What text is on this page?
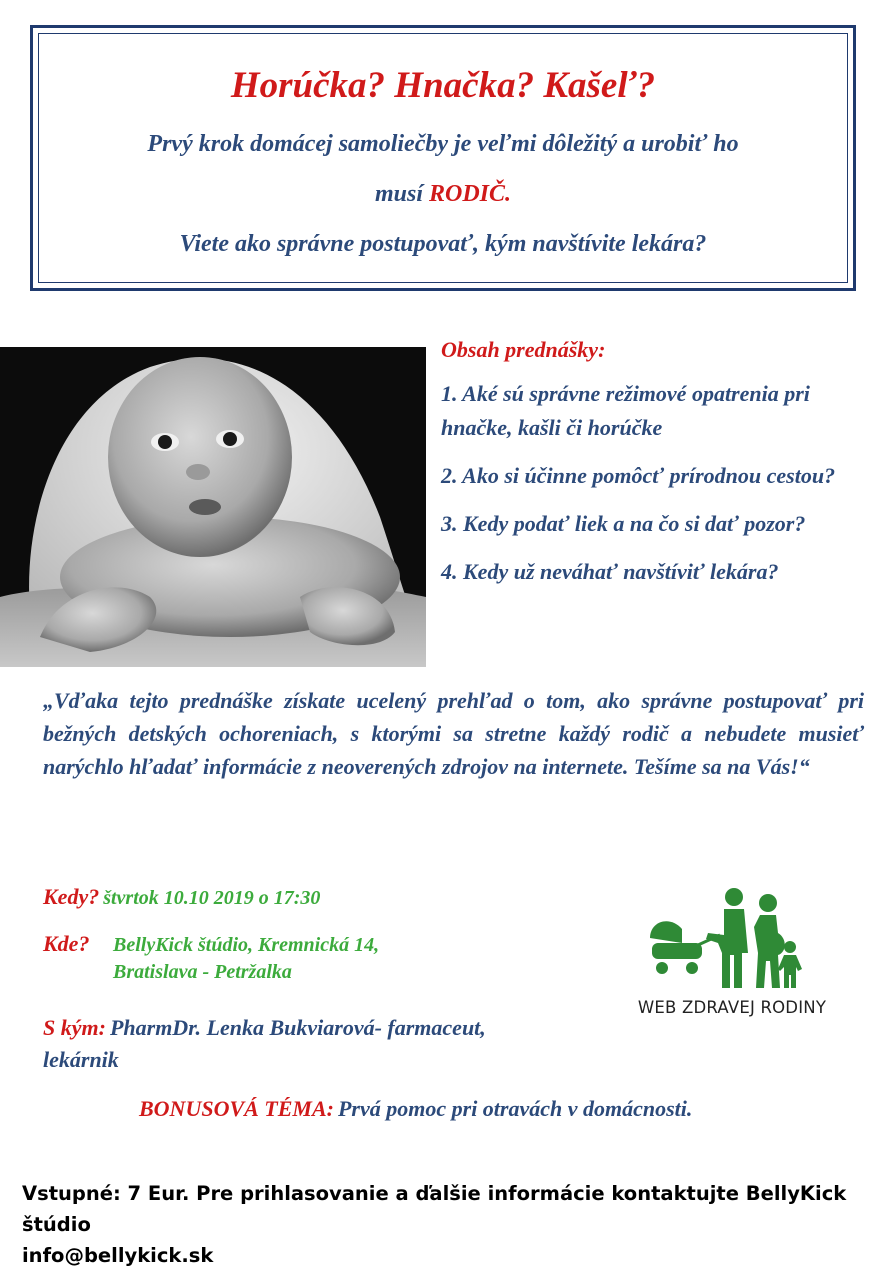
Horúčka? Hnačka? Kašeľ?
Prvý krok domácej samoliečby je veľmi dôležitý a urobiť ho
musí RODIČ.
Viete ako správne postupovať, kým navštívite lekára?
Obsah prednášky:
1. Aké sú správne režimové opatrenia pri hnačke, kašli či horúčke
2. Ako si účinne pomôcť prírodnou cestou?
3. Kedy podať liek a na čo si dať pozor?
4. Kedy už neváhať navštíviť lekára?
„Vďaka tejto prednáške získate ucelený prehľad o tom, ako správne postupovať pri bežných detských ochoreniach, s ktorými sa stretne každý rodič a nebudete musieť narýchlo hľadať informácie z neoverených zdrojov na internete. Tešíme sa na Vás!“
Kedy? štvrtok 10.10 2019 o 17:30
Kde? BellyKick štúdio, Kremnická 14,
Bratislava - Petržalka
S kým: PharmDr. Lenka Bukviarová- farmaceut,
lekárnik
BONUSOVÁ TÉMA: Prvá pomoc pri otravách v domácnosti.
WEB ZDRAVEJ RODINY
Vstupné: 7 Eur. Pre prihlasovanie a ďalšie informácie kontaktujte BellyKick štúdio
info@bellykick.sk
